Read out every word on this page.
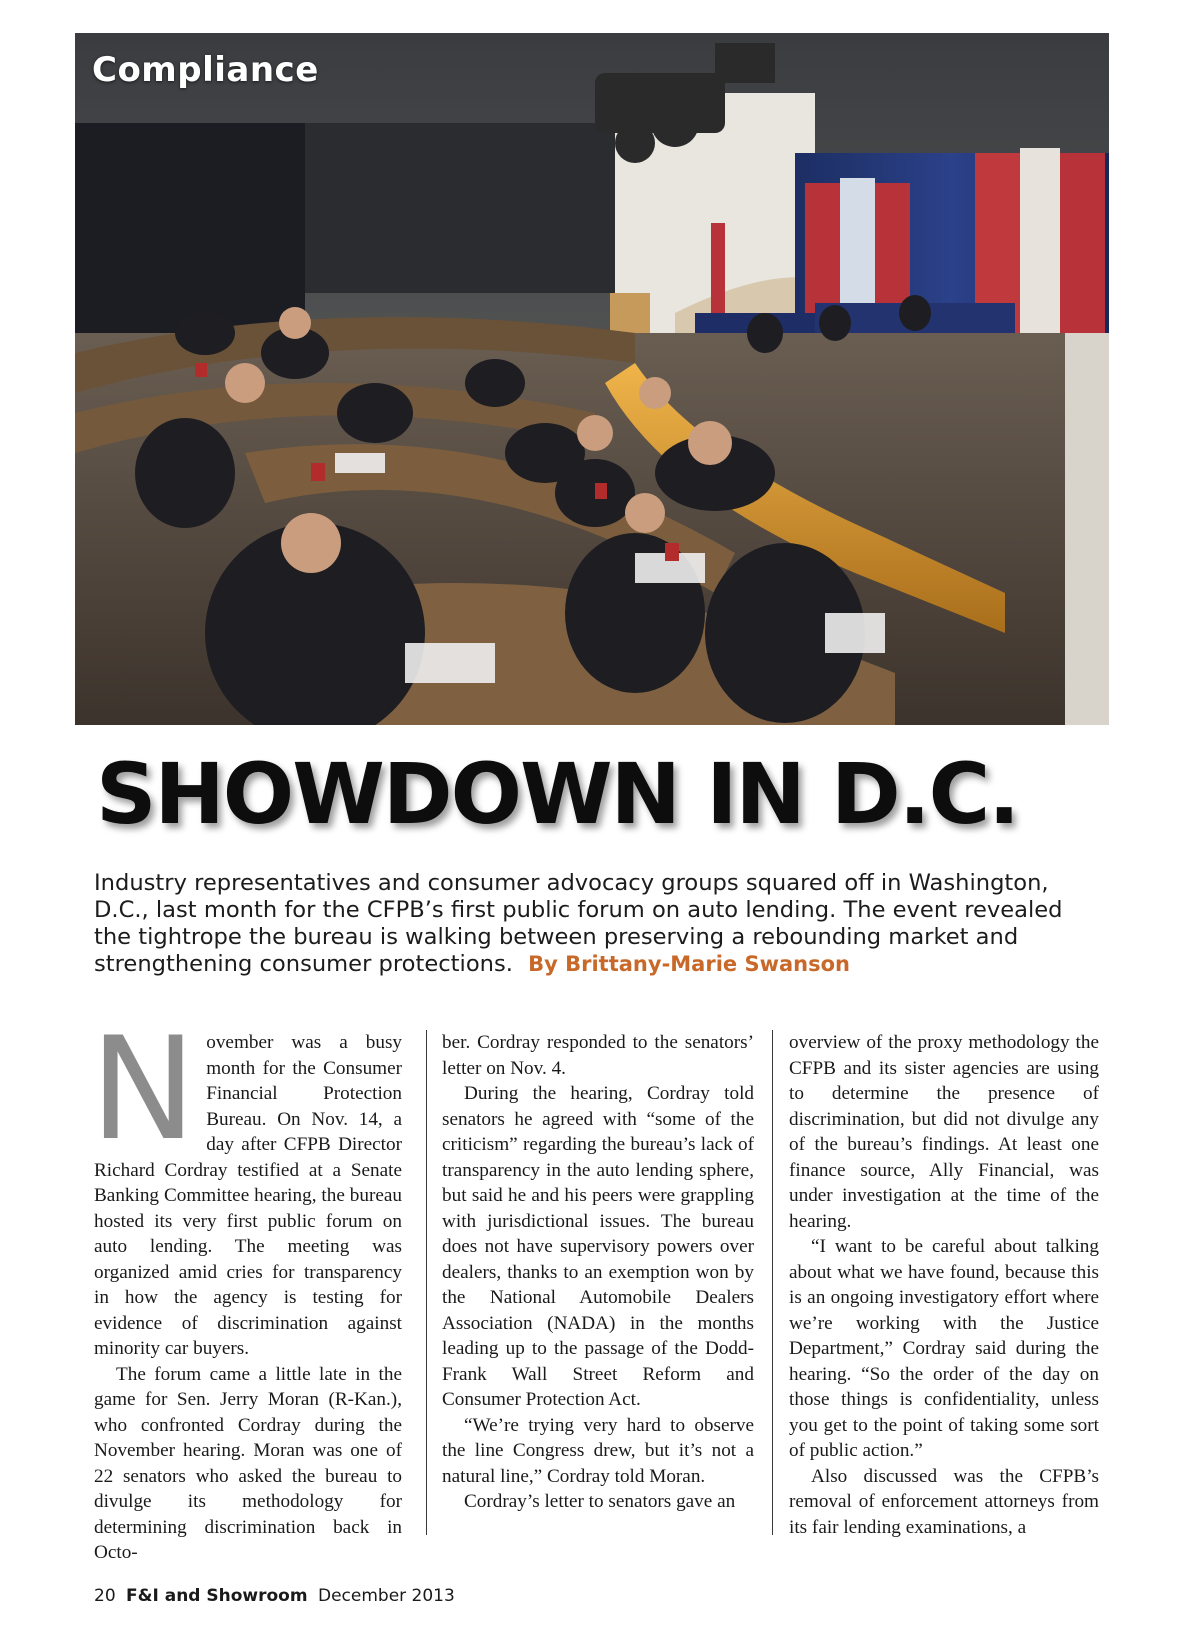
Compliance
SHOWDOWN IN D.C.
Industry representatives and consumer advocacy groups squared off in Washington, D.C., last month for the CFPB’s first public forum on auto lending. The event revealed the tightrope the bureau is walking between preserving a rebounding market and strengthening consumer protections. By Brittany-Marie Swanson
N ovember was a busy month for the Consumer Financial Protection Bureau. On Nov. 14, a day after CFPB Director Richard Cordray testified at a Senate Banking Committee hearing, the bureau hosted its very first public forum on auto lending. The meeting was organized amid cries for transparency in how the agency is testing for evidence of discrimination against minority car buyers.

The forum came a little late in the game for Sen. Jerry Moran (R-Kan.), who confronted Cordray during the November hearing. Moran was one of 22 senators who asked the bureau to divulge its methodology for determining discrimination back in Octo-

ber. Cordray responded to the senators’ letter on Nov. 4.

During the hearing, Cordray told senators he agreed with “some of the criticism” regarding the bureau’s lack of transparency in the auto lending sphere, but said he and his peers were grappling with jurisdictional issues. The bureau does not have supervisory powers over dealers, thanks to an exemption won by the National Automobile Dealers Association (NADA) in the months leading up to the passage of the Dodd-Frank Wall Street Reform and Consumer Protection Act.

“We’re trying very hard to observe the line Congress drew, but it’s not a natural line,” Cordray told Moran.

Cordray’s letter to senators gave an

overview of the proxy methodology the CFPB and its sister agencies are using to determine the presence of discrimination, but did not divulge any of the bureau’s findings. At least one finance source, Ally Financial, was under investigation at the time of the hearing.

“I want to be careful about talking about what we have found, because this is an ongoing investigatory effort where we’re working with the Justice Department,” Cordray said during the hearing. “So the order of the day on those things is confidentiality, unless you get to the point of taking some sort of public action.”

Also discussed was the CFPB’s removal of enforcement attorneys from its fair lending examinations, a

20 F&I and Showroom December 2013
